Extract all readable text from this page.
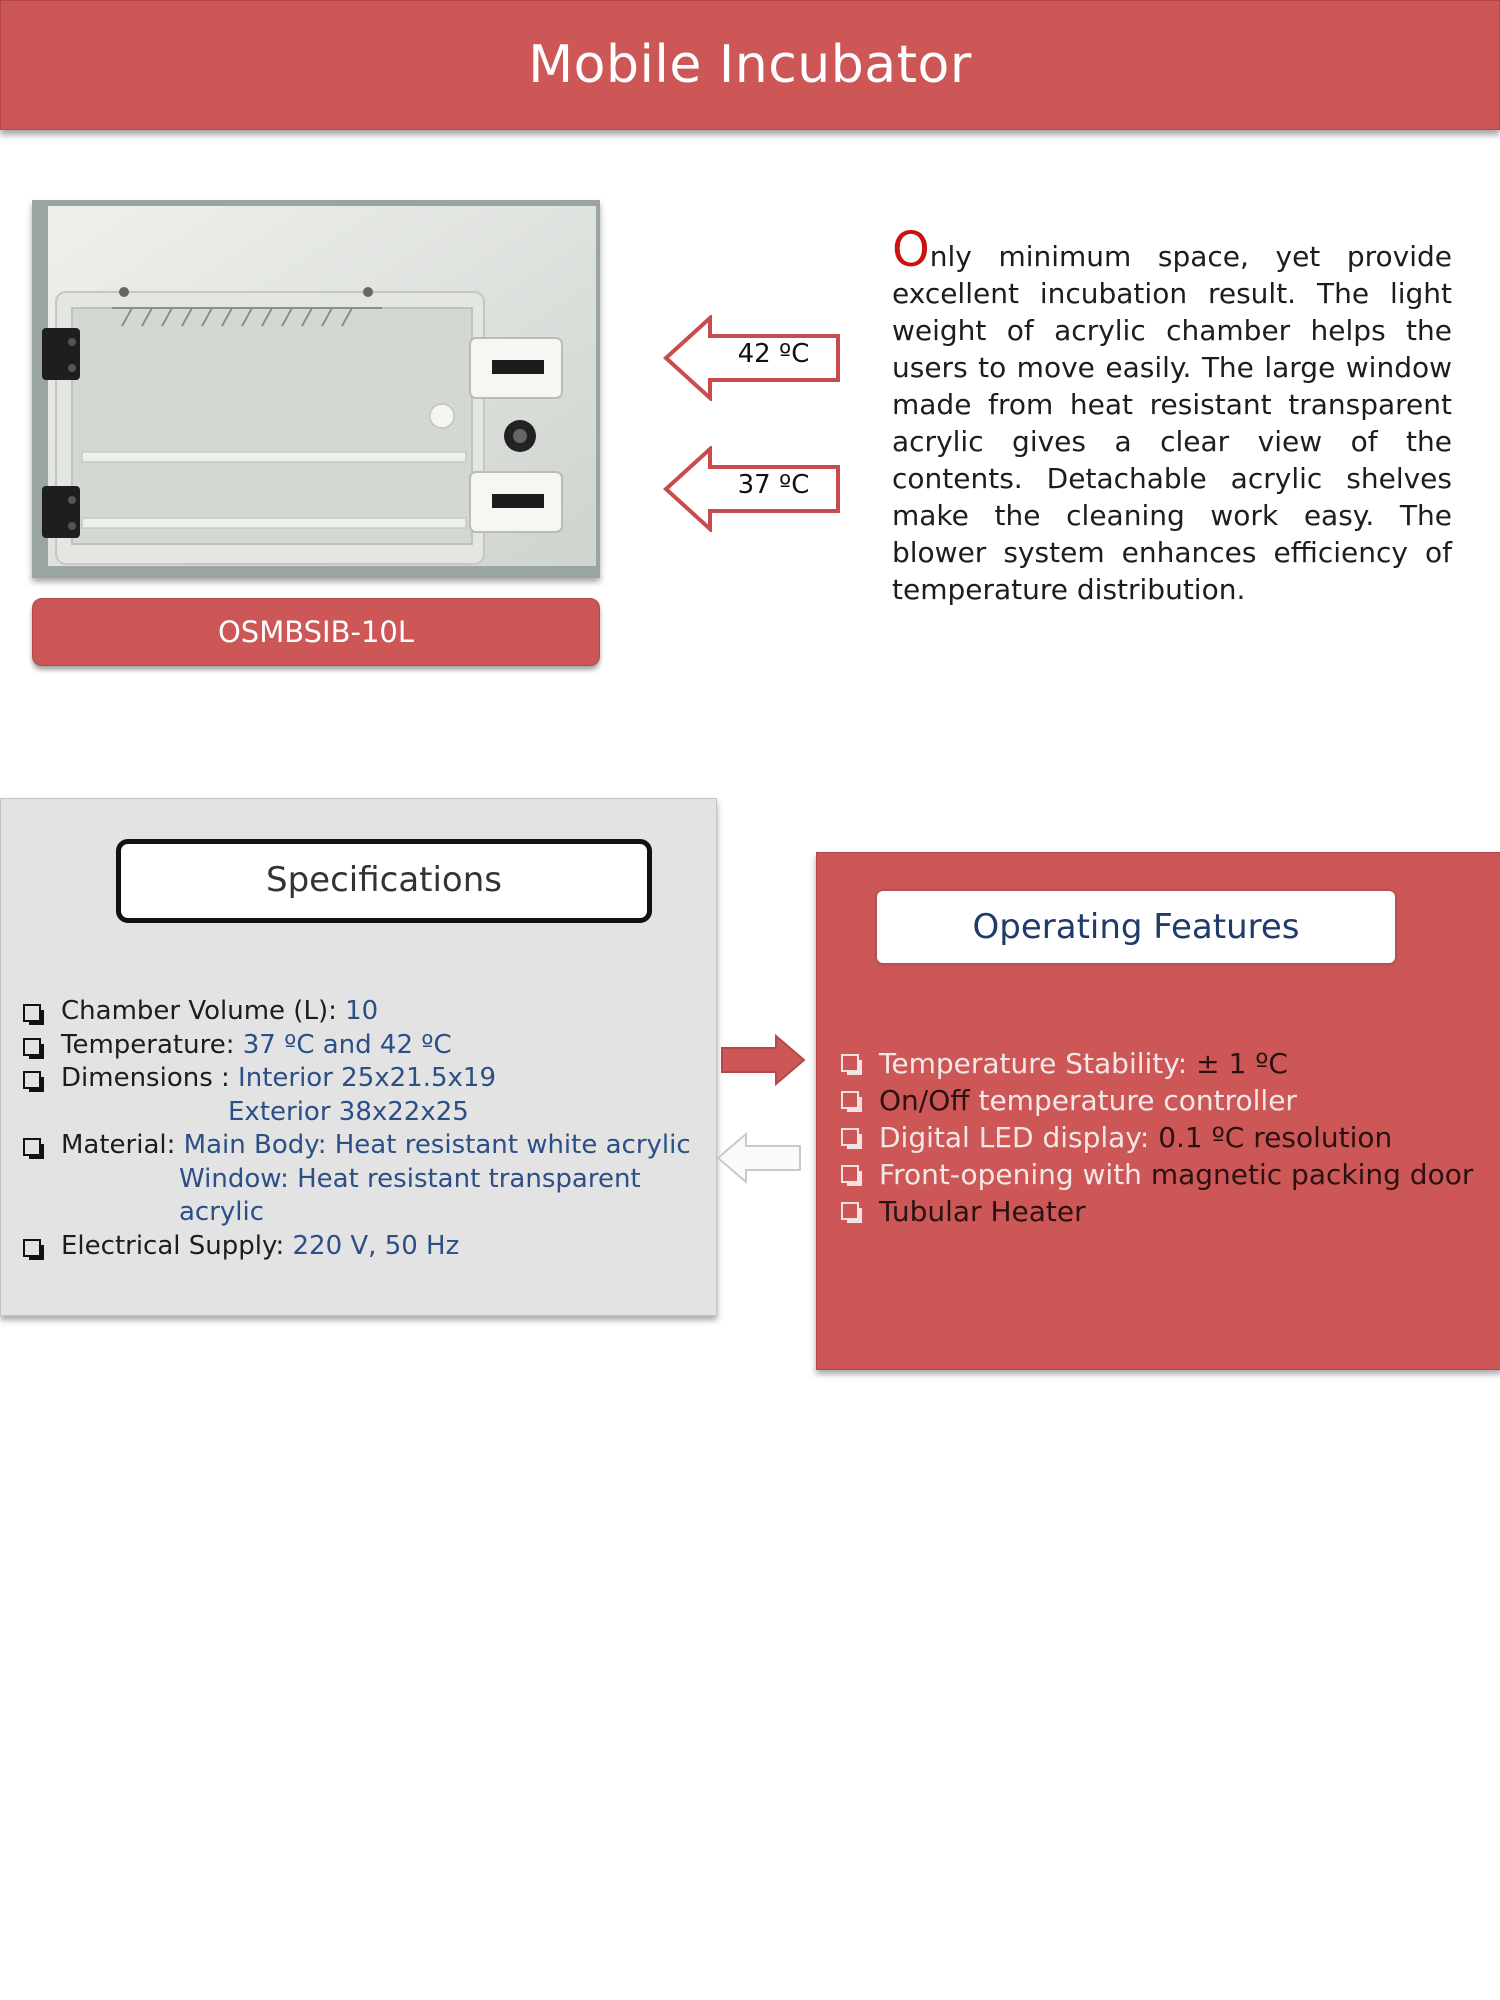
Mobile Incubator
OSMBSIB-10L
42 ºC
37 ºC
Only minimum space, yet provide excellent incubation result. The light weight of acrylic chamber helps the users to move easily. The large window made from heat resistant transparent acrylic gives a clear view of the contents. Detachable acrylic shelves make the cleaning work easy. The blower system enhances efficiency of temperature distribution.
Specifications
Chamber Volume (L): 10
Temperature: 37 ºC and 42 ºC
Dimensions : Interior 25x21.5x19
Exterior 38x22x25
Material: Main Body: Heat resistant white acrylic
Window: Heat resistant transparent acrylic
Electrical Supply: 220 V, 50 Hz
Operating Features
Temperature Stability: ± 1 ºC
On/Off temperature controller
Digital LED display: 0.1 ºC resolution
Front-opening with magnetic packing door
Tubular Heater
